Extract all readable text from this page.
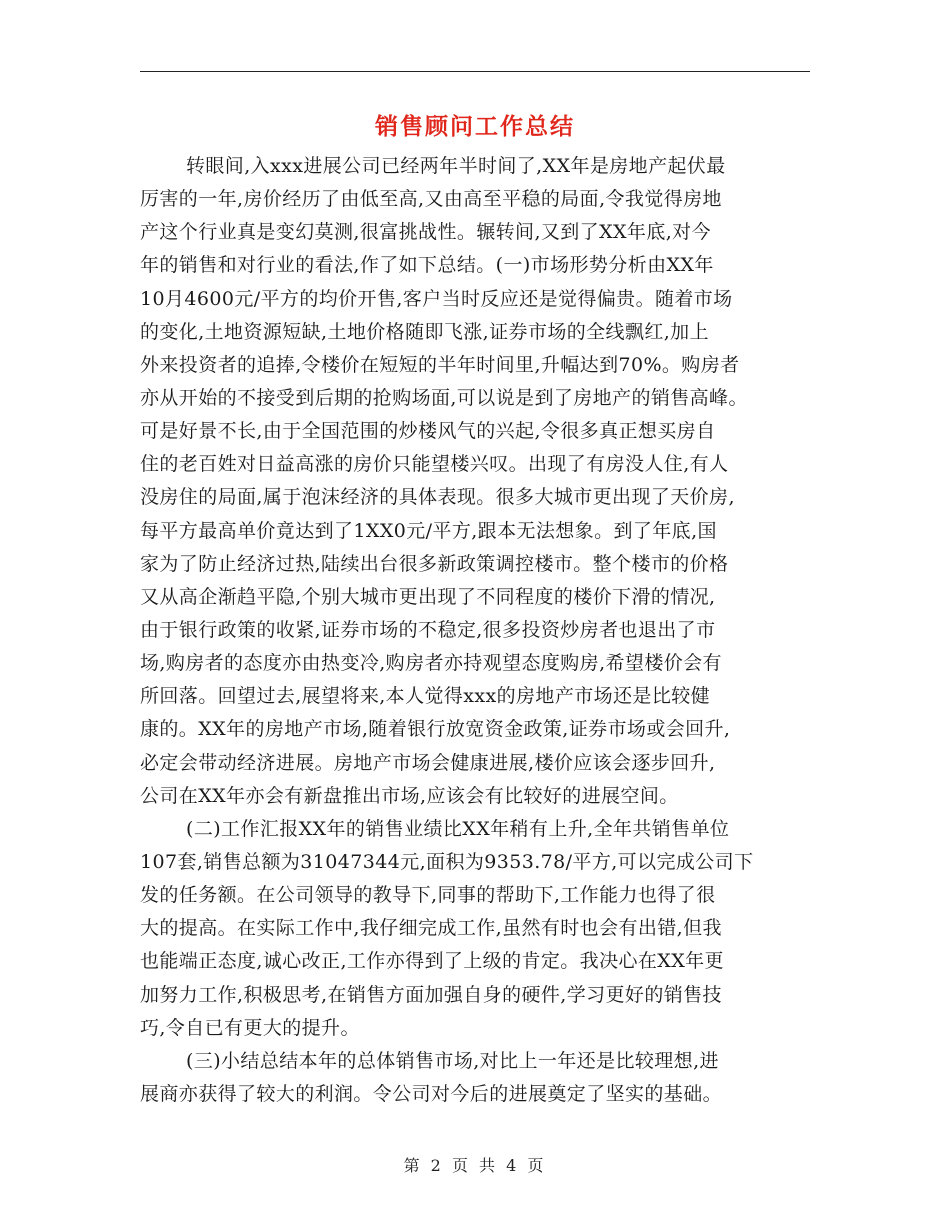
销售顾问工作总结
转眼间,入xxx进展公司已经两年半时间了,XX年是房地产起伏最
厉害的一年,房价经历了由低至高,又由高至平稳的局面,令我觉得房地
产这个行业真是变幻莫测,很富挑战性。辗转间,又到了XX年底,对今
年的销售和对行业的看法,作了如下总结。(一)市场形势分析由XX年
10月4600元/平方的均价开售,客户当时反应还是觉得偏贵。随着市场
的变化,土地资源短缺,土地价格随即飞涨,证券市场的全线飘红,加上
外来投资者的追捧,令楼价在短短的半年时间里,升幅达到70%。购房者
亦从开始的不接受到后期的抢购场面,可以说是到了房地产的销售高峰。
可是好景不长,由于全国范围的炒楼风气的兴起,令很多真正想买房自
住的老百姓对日益高涨的房价只能望楼兴叹。出现了有房没人住,有人
没房住的局面,属于泡沫经济的具体表现。很多大城市更出现了天价房,
每平方最高单价竟达到了1XX0元/平方,跟本无法想象。到了年底,国
家为了防止经济过热,陆续出台很多新政策调控楼市。整个楼市的价格
又从高企渐趋平隐,个别大城市更出现了不同程度的楼价下滑的情况,
由于银行政策的收紧,证券市场的不稳定,很多投资炒房者也退出了市
场,购房者的态度亦由热变冷,购房者亦持观望态度购房,希望楼价会有
所回落。回望过去,展望将来,本人觉得xxx的房地产市场还是比较健
康的。XX年的房地产市场,随着银行放宽资金政策,证券市场或会回升,
必定会带动经济进展。房地产市场会健康进展,楼价应该会逐步回升,
公司在XX年亦会有新盘推出市场,应该会有比较好的进展空间。
(二)工作汇报XX年的销售业绩比XX年稍有上升,全年共销售单位
107套,销售总额为31047344元,面积为9353.78/平方,可以完成公司下
发的任务额。在公司领导的教导下,同事的帮助下,工作能力也得了很
大的提高。在实际工作中,我仔细完成工作,虽然有时也会有出错,但我
也能端正态度,诚心改正,工作亦得到了上级的肯定。我决心在XX年更
加努力工作,积极思考,在销售方面加强自身的硬件,学习更好的销售技
巧,令自已有更大的提升。
(三)小结总结本年的总体销售市场,对比上一年还是比较理想,进
展商亦获得了较大的利润。令公司对今后的进展奠定了坚实的基础。
第 2 页 共 4 页
